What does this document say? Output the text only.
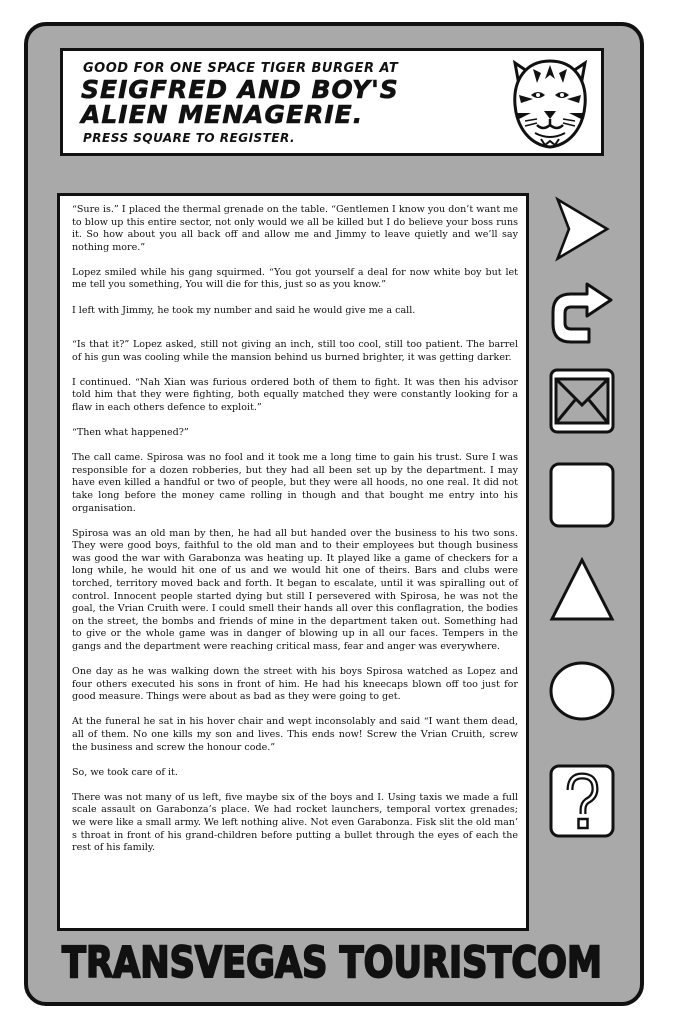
GOOD FOR ONE SPACE TIGER BURGER AT
SEIGFRED AND BOY'S
ALIEN MENAGERIE.
PRESS SQUARE TO REGISTER.

“Sure is.” I placed the thermal grenade on the table. “Gentlemen I know you don’t want me to blow up this entire sector, not only would we all be killed but I do believe your boss runs it. So how about you all back off and allow me and Jimmy to leave quietly and we’ll say nothing more.”

Lopez smiled while his gang squirmed. “You got yourself a deal for now white boy but let me tell you something, You will die for this, just so as you know.”

I left with Jimmy, he took my number and said he would give me a call.

“Is that it?” Lopez asked, still not giving an inch, still too cool, still too patient. The barrel of his gun was cooling while the mansion behind us burned brighter, it was getting darker.

I continued. “Nah Xian was furious ordered both of them to fight. It was then his advisor told him that they were fighting, both equally matched they were constantly looking for a flaw in each others defence to exploit.”

“Then what happened?”

The call came. Spirosa was no fool and it took me a long time to gain his trust. Sure I was responsible for a dozen robberies, but they had all been set up by the department. I may have even killed a handful or two of people, but they were all hoods, no one real. It did not take long before the money came rolling in though and that bought me entry into his organisation.

Spirosa was an old man by then, he had all but handed over the business to his two sons. They were good boys, faithful to the old man and to their employees but though business was good the war with Garabonza was heating up. It played like a game of checkers for a long while, he would hit one of us and we would hit one of theirs. Bars and clubs were torched, territory moved back and forth. It began to escalate, until it was spiralling out of control. Innocent people started dying but still I persevered with Spirosa, he was not the goal, the Vrian Cruith were. I could smell their hands all over this conflagration, the bodies on the street, the bombs and friends of mine in the department taken out. Something had to give or the whole game was in danger of blowing up in all our faces. Tempers in the gangs and the department were reaching critical mass, fear and anger was everywhere.

One day as he was walking down the street with his boys Spirosa watched as Lopez and four others executed his sons in front of him. He had his kneecaps blown off too just for good measure. Things were about as bad as they were going to get.

At the funeral he sat in his hover chair and wept inconsolably and said “I want them dead, all of them. No one kills my son and lives. This ends now! Screw the Vrian Cruith, screw the business and screw the honour code.”

So, we took care of it.

There was not many of us left, five maybe six of the boys and I. Using taxis we made a full scale assault on Garabonza’s place. We had rocket launchers, temporal vortex grenades; we were like a small army. We left nothing alive. Not even Garabonza. Fisk slit the old man’ s throat in front of his grand-children before putting a bullet through the eyes of each the rest of his family.

TRANSVEGAS TOURISTCOM
